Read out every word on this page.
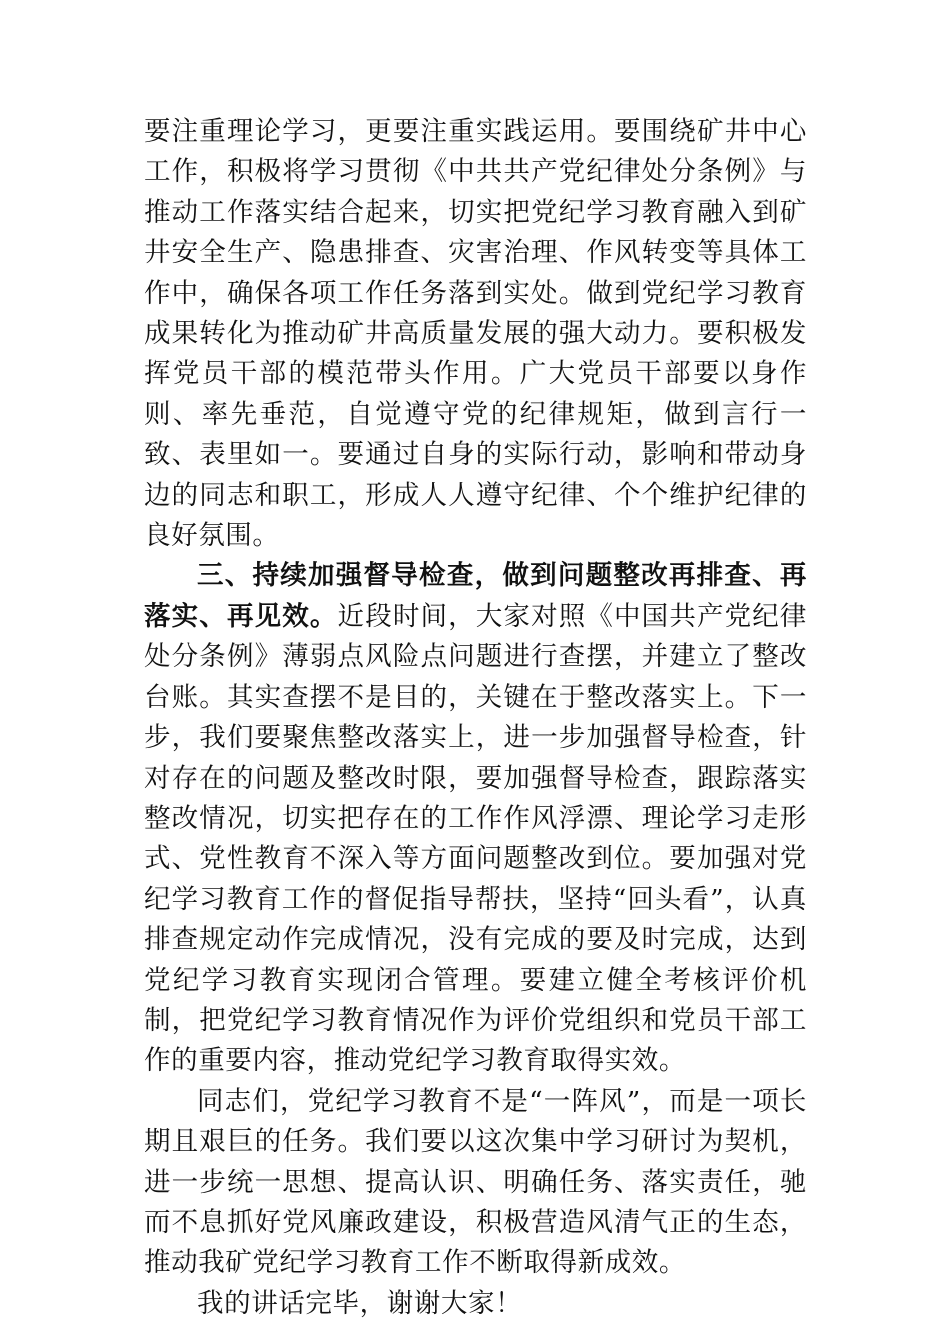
要注重理论学习，更要注重实践运用。要围绕矿井中心工作，积极将学习贯彻《中共共产党纪律处分条例》与推动工作落实结合起来，切实把党纪学习教育融入到矿井安全生产、隐患排查、灾害治理、作风转变等具体工作中，确保各项工作任务落到实处。做到党纪学习教育成果转化为推动矿井高质量发展的强大动力。要积极发挥党员干部的模范带头作用。广大党员干部要以身作则、率先垂范，自觉遵守党的纪律规矩，做到言行一致、表里如一。要通过自身的实际行动，影响和带动身边的同志和职工，形成人人遵守纪律、个个维护纪律的良好氛围。

三、持续加强督导检查，做到问题整改再排查、再落实、再见效。近段时间，大家对照《中国共产党纪律处分条例》薄弱点风险点问题进行查摆，并建立了整改台账。其实查摆不是目的，关键在于整改落实上。下一步，我们要聚焦整改落实上，进一步加强督导检查，针对存在的问题及整改时限，要加强督导检查，跟踪落实整改情况，切实把存在的工作作风浮漂、理论学习走形式、党性教育不深入等方面问题整改到位。要加强对党纪学习教育工作的督促指导帮扶，坚持“回头看”，认真排查规定动作完成情况，没有完成的要及时完成，达到党纪学习教育实现闭合管理。要建立健全考核评价机制，把党纪学习教育情况作为评价党组织和党员干部工作的重要内容，推动党纪学习教育取得实效。

同志们，党纪学习教育不是“一阵风”，而是一项长期且艰巨的任务。我们要以这次集中学习研讨为契机，进一步统一思想、提高认识、明确任务、落实责任，驰而不息抓好党风廉政建设，积极营造风清气正的生态，推动我矿党纪学习教育工作不断取得新成效。

我的讲话完毕，谢谢大家！
